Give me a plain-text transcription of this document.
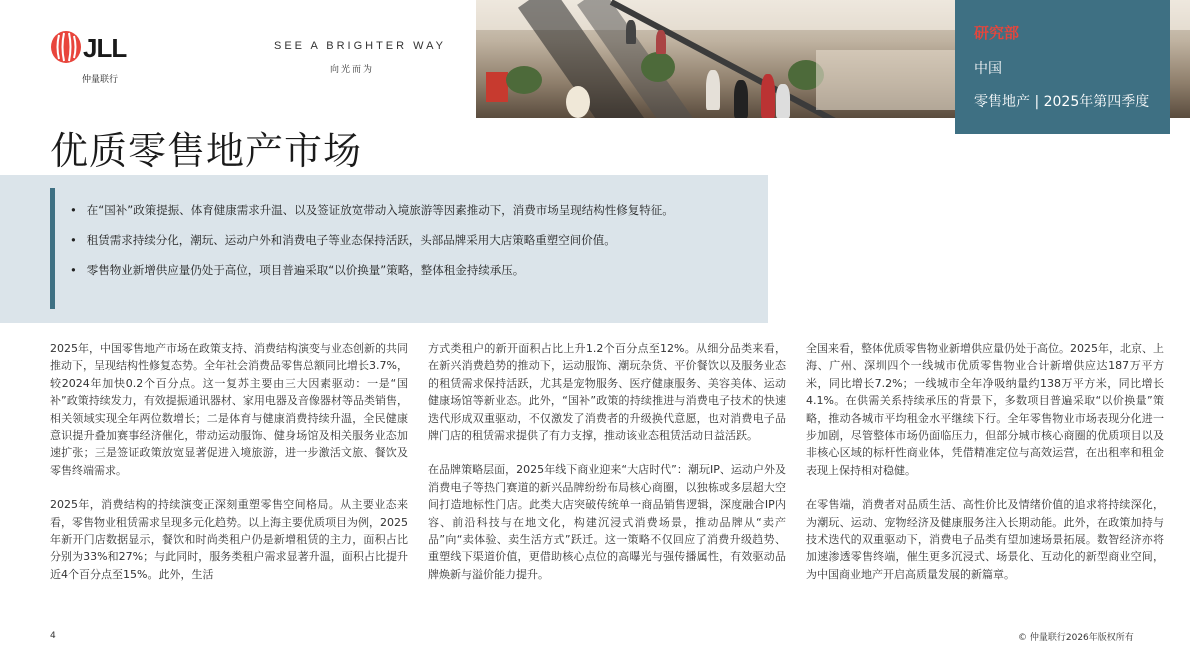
JLL
仲量联行
SEE A BRIGHTER WAY
向光而为
研究部
中国
零售地产 | 2025年第四季度
优质零售地产市场
• 在“国补”政策提振、体育健康需求升温、以及签证放宽带动入境旅游等因素推动下，消费市场呈现结构性修复特征。
• 租赁需求持续分化，潮玩、运动户外和消费电子等业态保持活跃，头部品牌采用大店策略重塑空间价值。
• 零售物业新增供应量仍处于高位，项目普遍采取“以价换量”策略，整体租金持续承压。

2025年，中国零售地产市场在政策支持、消费结构演变与业态创新的共同推动下，呈现结构性修复态势。全年社会消费品零售总额同比增长3.7%，较2024年加快0.2个百分点。这一复苏主要由三大因素驱动：一是“国补”政策持续发力，有效提振通讯器材、家用电器及音像器材等品类销售，相关领域实现全年两位数增长；二是体育与健康消费持续升温，全民健康意识提升叠加赛事经济催化，带动运动服饰、健身场馆及相关服务业态加速扩张；三是签证政策放宽显著促进入境旅游，进一步激活文旅、餐饮及零售终端需求。

2025年，消费结构的持续演变正深刻重塑零售空间格局。从主要业态来看，零售物业租赁需求呈现多元化趋势。以上海主要优质项目为例，2025年新开门店数据显示，餐饮和时尚类租户仍是新增租赁的主力，面积占比分别为33%和27%；与此同时，服务类租户需求显著升温，面积占比提升近4个百分点至15%。此外，生活

方式类租户的新开面积占比上升1.2个百分点至12%。从细分品类来看，在新兴消费趋势的推动下，运动服饰、潮玩杂货、平价餐饮以及服务业态的租赁需求保持活跃，尤其是宠物服务、医疗健康服务、美容美体、运动健康场馆等新业态。此外，“国补”政策的持续推进与消费电子技术的快速迭代形成双重驱动，不仅激发了消费者的升级换代意愿，也对消费电子品牌门店的租赁需求提供了有力支撑，推动该业态租赁活动日益活跃。

在品牌策略层面，2025年线下商业迎来“大店时代”：潮玩IP、运动户外及消费电子等热门赛道的新兴品牌纷纷布局核心商圈，以独栋或多层超大空间打造地标性门店。此类大店突破传统单一商品销售逻辑，深度融合IP内容、前沿科技与在地文化，构建沉浸式消费场景，推动品牌从“卖产品”向“卖体验、卖生活方式”跃迁。这一策略不仅回应了消费升级趋势、重塑线下渠道价值，更借助核心点位的高曝光与强传播属性，有效驱动品牌焕新与溢价能力提升。

全国来看，整体优质零售物业新增供应量仍处于高位。2025年，北京、上海、广州、深圳四个一线城市优质零售物业合计新增供应达187万平方米，同比增长7.2%；一线城市全年净吸纳量约138万平方米，同比增长4.1%。在供需关系持续承压的背景下，多数项目普遍采取“以价换量”策略，推动各城市平均租金水平继续下行。全年零售物业市场表现分化进一步加剧，尽管整体市场仍面临压力，但部分城市核心商圈的优质项目以及非核心区域的标杆性商业体，凭借精准定位与高效运营，在出租率和租金表现上保持相对稳健。

在零售端，消费者对品质生活、高性价比及情绪价值的追求将持续深化，为潮玩、运动、宠物经济及健康服务注入长期动能。此外，在政策加持与技术迭代的双重驱动下，消费电子品类有望加速场景拓展。数智经济亦将加速渗透零售终端，催生更多沉浸式、场景化、互动化的新型商业空间，为中国商业地产开启高质量发展的新篇章。

4	© 仲量联行2026年版权所有
